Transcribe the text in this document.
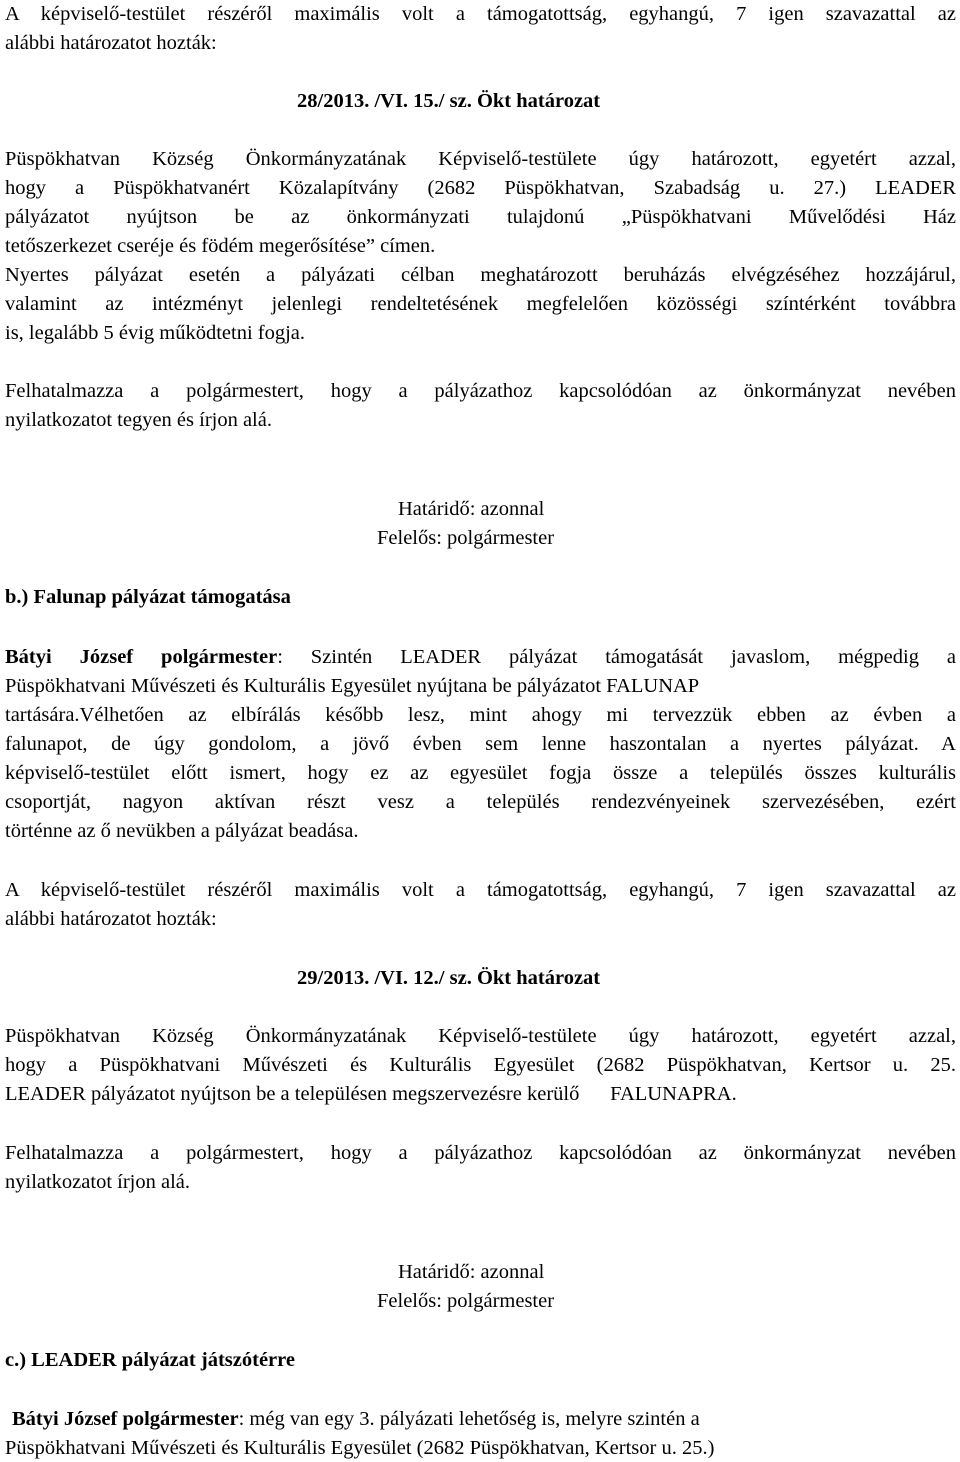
A képviselő-testület részéről maximális volt a támogatottság, egyhangú, 7 igen szavazattal az
alábbi határozatot hozták:
28/2013. /VI. 15./ sz. Ökt határozat
Püspökhatvan Község Önkormányzatának Képviselő-testülete úgy határozott, egyetért azzal,
hogy a Püspökhatvanért Közalapítvány (2682 Püspökhatvan, Szabadság u. 27.) LEADER
pályázatot nyújtson be az önkormányzati tulajdonú „Püspökhatvani Művelődési Ház
tetőszerkezet cseréje és födém megerősítése” címen.
Nyertes pályázat esetén a pályázati célban meghatározott beruházás elvégzéséhez hozzájárul,
valamint az intézményt jelenlegi rendeltetésének megfelelően közösségi színtérként továbbra
is, legalább 5 évig működtetni fogja.
Felhatalmazza a polgármestert, hogy a pályázathoz kapcsolódóan az önkormányzat nevében
nyilatkozatot tegyen és írjon alá.
Határidő: azonnal
Felelős: polgármester
b.) Falunap pályázat támogatása
Bátyi József polgármester: Szintén LEADER pályázat támogatását javaslom, mégpedig a
Püspökhatvani Művészeti és Kulturális Egyesület nyújtana be pályázatot FALUNAP
tartására.Vélhetően az elbírálás később lesz, mint ahogy mi tervezzük ebben az évben a
falunapot, de úgy gondolom, a jövő évben sem lenne haszontalan a nyertes pályázat. A
képviselő-testület előtt ismert, hogy ez az egyesület fogja össze a település összes kulturális
csoportját, nagyon aktívan részt vesz a település rendezvényeinek szervezésében, ezért
történne az ő nevükben a pályázat beadása.
A képviselő-testület részéről maximális volt a támogatottság, egyhangú, 7 igen szavazattal az
alábbi határozatot hozták:
29/2013. /VI. 12./ sz. Ökt határozat
Püspökhatvan Község Önkormányzatának Képviselő-testülete úgy határozott, egyetért azzal,
hogy a Püspökhatvani Művészeti és Kulturális Egyesület (2682 Püspökhatvan, Kertsor u. 25.
LEADER pályázatot nyújtson be a településen megszervezésre kerülő      FALUNAPRA.
Felhatalmazza a polgármestert, hogy a pályázathoz kapcsolódóan az önkormányzat nevében
nyilatkozatot írjon alá.
Határidő: azonnal
Felelős: polgármester
c.) LEADER pályázat játszótérre
Bátyi József polgármester: még van egy 3. pályázati lehetőség is, melyre szintén a
Püspökhatvani Művészeti és Kulturális Egyesület (2682 Püspökhatvan, Kertsor u. 25.)
